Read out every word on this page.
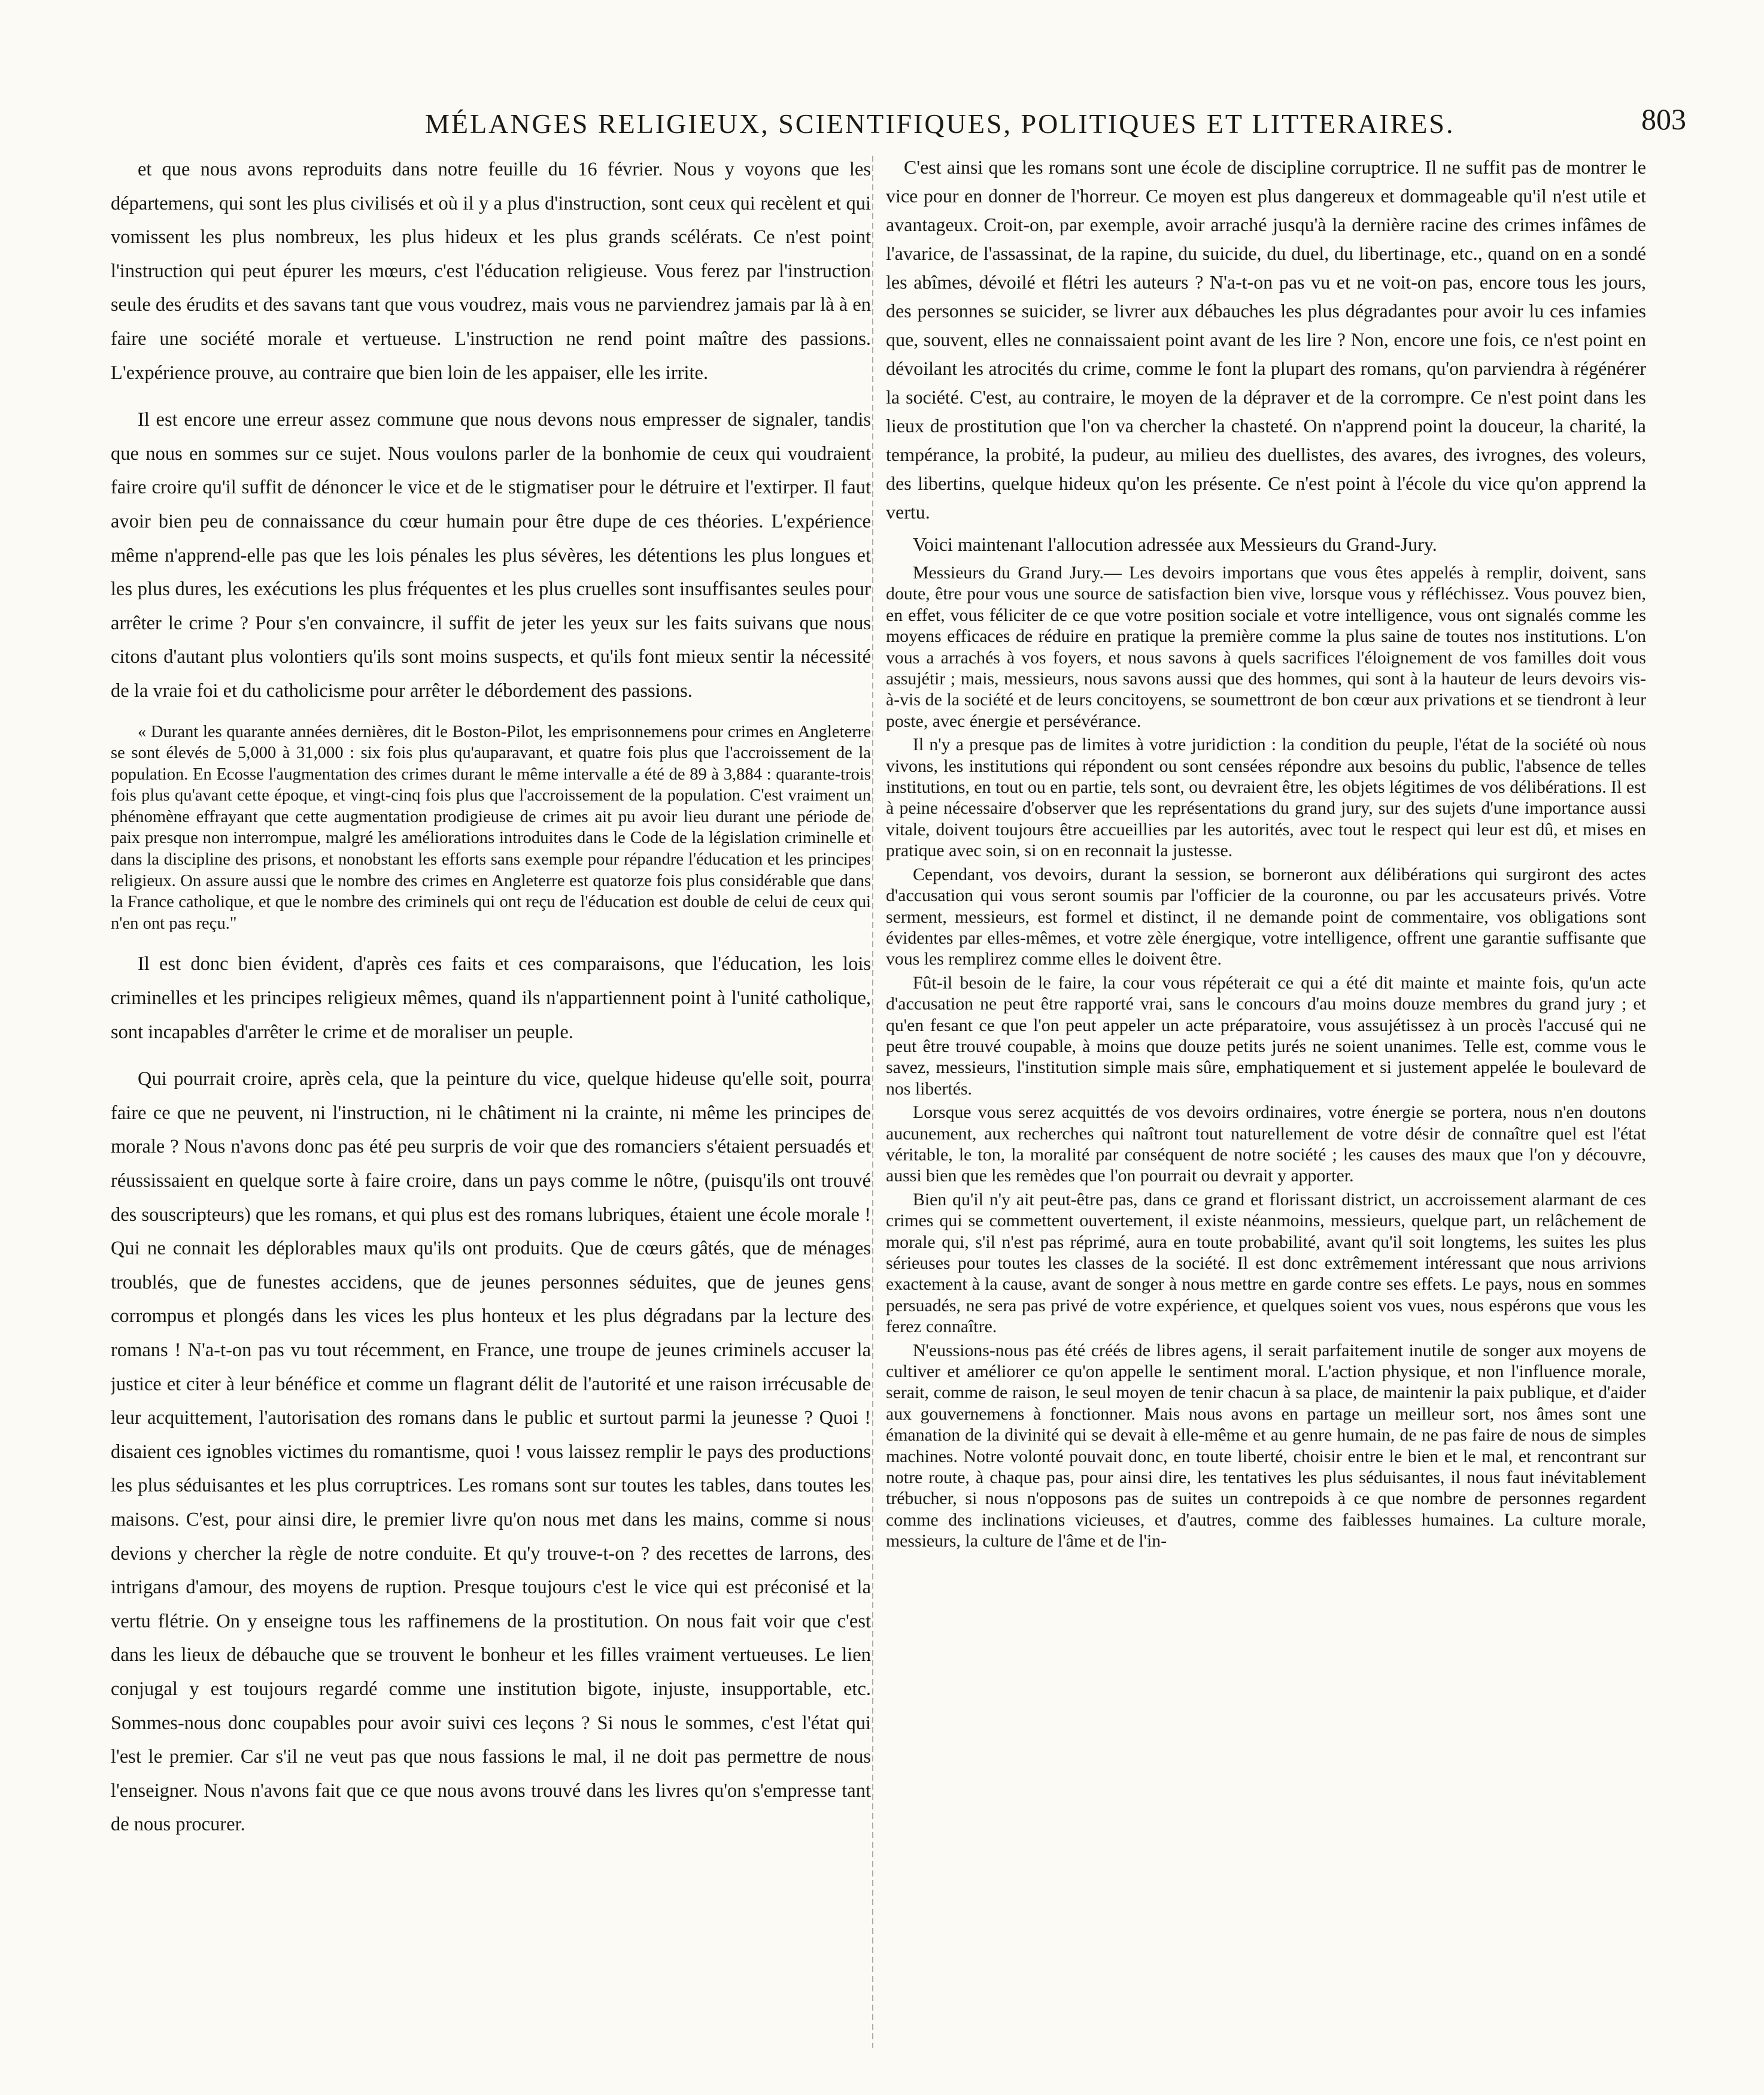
MÉLANGES RELIGIEUX, SCIENTIFIQUES, POLITIQUES ET LITTERAIRES.	803

et que nous avons reproduits dans notre feuille du 16 février. Nous y voyons que les départemens, qui sont les plus civilisés et où il y a plus d'instruction, sont ceux qui recèlent et qui vomissent les plus nombreux, les plus hideux et les plus grands scélérats. Ce n'est point l'instruction qui peut épurer les mœurs, c'est l'éducation religieuse. Vous ferez par l'instruction seule des érudits et des savans tant que vous voudrez, mais vous ne parviendrez jamais par là à en faire une société morale et vertueuse. L'instruction ne rend point maître des passions. L'expérience prouve, au contraire que bien loin de les appaiser, elle les irrite.

Il est encore une erreur assez commune que nous devons nous empresser de signaler, tandis que nous en sommes sur ce sujet. Nous voulons parler de la bonhomie de ceux qui voudraient faire croire qu'il suffit de dénoncer le vice et de le stigmatiser pour le détruire et l'extirper. Il faut avoir bien peu de connaissance du cœur humain pour être dupe de ces théories. L'expérience même n'apprend-elle pas que les lois pénales les plus sévères, les détentions les plus longues et les plus dures, les exécutions les plus fréquentes et les plus cruelles sont insuffisantes seules pour arrêter le crime ? Pour s'en convaincre, il suffit de jeter les yeux sur les faits suivans que nous citons d'autant plus volontiers qu'ils sont moins suspects, et qu'ils font mieux sentir la nécessité de la vraie foi et du catholicisme pour arrêter le débordement des passions.

« Durant les quarante années dernières, dit le Boston-Pilot, les emprisonnemens pour crimes en Angleterre se sont élevés de 5,000 à 31,000 : six fois plus qu'auparavant, et quatre fois plus que l'accroissement de la population. En Ecosse l'augmentation des crimes durant le même intervalle a été de 89 à 3,884 : quarante-trois fois plus qu'avant cette époque, et vingt-cinq fois plus que l'accroissement de la population. C'est vraiment un phénomène effrayant que cette augmentation prodigieuse de crimes ait pu avoir lieu durant une période de paix presque non interrompue, malgré les améliorations introduites dans le Code de la législation criminelle et dans la discipline des prisons, et nonobstant les efforts sans exemple pour répandre l'éducation et les principes religieux. On assure aussi que le nombre des crimes en Angleterre est quatorze fois plus considérable que dans la France catholique, et que le nombre des criminels qui ont reçu de l'éducation est double de celui de ceux qui n'en ont pas reçu."

Il est donc bien évident, d'après ces faits et ces comparaisons, que l'éducation, les lois criminelles et les principes religieux mêmes, quand ils n'appartiennent point à l'unité catholique, sont incapables d'arrêter le crime et de moraliser un peuple.

Qui pourrait croire, après cela, que la peinture du vice, quelque hideuse qu'elle soit, pourra faire ce que ne peuvent, ni l'instruction, ni le châtiment ni la crainte, ni même les principes de morale ? Nous n'avons donc pas été peu surpris de voir que des romanciers s'étaient persuadés et réussissaient en quelque sorte à faire croire, dans un pays comme le nôtre, (puisqu'ils ont trouvé des souscripteurs) que les romans, et qui plus est des romans lubriques, étaient une école morale ! Qui ne connait les déplorables maux qu'ils ont produits. Que de cœurs gâtés, que de ménages troublés, que de funestes accidens, que de jeunes personnes séduites, que de jeunes gens corrompus et plongés dans les vices les plus honteux et les plus dégradans par la lecture des romans ! N'a-t-on pas vu tout récemment, en France, une troupe de jeunes criminels accuser la justice et citer à leur bénéfice et comme un flagrant délit de l'autorité et une raison irrécusable de leur acquittement, l'autorisation des romans dans le public et surtout parmi la jeunesse ? Quoi ! disaient ces ignobles victimes du romantisme, quoi ! vous laissez remplir le pays des productions les plus séduisantes et les plus corruptrices. Les romans sont sur toutes les tables, dans toutes les maisons. C'est, pour ainsi dire, le premier livre qu'on nous met dans les mains, comme si nous devions y chercher la règle de notre conduite. Et qu'y trouve-t-on ? des recettes de larrons, des intrigans d'amour, des moyens de ruption. Presque toujours c'est le vice qui est préconisé et la vertu flétrie. On y enseigne tous les raffinemens de la prostitution. On nous fait voir que c'est dans les lieux de débauche que se trouvent le bonheur et les filles vraiment vertueuses. Le lien conjugal y est toujours regardé comme une institution bigote, injuste, insupportable, etc. Sommes-nous donc coupables pour avoir suivi ces leçons ? Si nous le sommes, c'est l'état qui l'est le premier. Car s'il ne veut pas que nous fassions le mal, il ne doit pas permettre de nous l'enseigner. Nous n'avons fait que ce que nous avons trouvé dans les livres qu'on s'empresse tant de nous procurer.

C'est ainsi que les romans sont une école de discipline corruptrice. Il ne suffit pas de montrer le vice pour en donner de l'horreur. Ce moyen est plus dangereux et dommageable qu'il n'est utile et avantageux. Croit-on, par exemple, avoir arraché jusqu'à la dernière racine des crimes infâmes de l'avarice, de l'assassinat, de la rapine, du suicide, du duel, du libertinage, etc., quand on en a sondé les abîmes, dévoilé et flétri les auteurs ? N'a-t-on pas vu et ne voit-on pas, encore tous les jours, des personnes se suicider, se livrer aux débauches les plus dégradantes pour avoir lu ces infamies que, souvent, elles ne connaissaient point avant de les lire ? Non, encore une fois, ce n'est point en dévoilant les atrocités du crime, comme le font la plupart des romans, qu'on parviendra à régénérer la société. C'est, au contraire, le moyen de la dépraver et de la corrompre. Ce n'est point dans les lieux de prostitution que l'on va chercher la chasteté. On n'apprend point la douceur, la charité, la tempérance, la probité, la pudeur, au milieu des duellistes, des avares, des ivrognes, des voleurs, des libertins, quelque hideux qu'on les présente. Ce n'est point à l'école du vice qu'on apprend la vertu.

Voici maintenant l'allocution adressée aux Messieurs du Grand-Jury.

Messieurs du Grand Jury.— Les devoirs importans que vous êtes appelés à remplir, doivent, sans doute, être pour vous une source de satisfaction bien vive, lorsque vous y réfléchissez. Vous pouvez bien, en effet, vous féliciter de ce que votre position sociale et votre intelligence, vous ont signalés comme les moyens efficaces de réduire en pratique la première comme la plus saine de toutes nos institutions. L'on vous a arrachés à vos foyers, et nous savons à quels sacrifices l'éloignement de vos familles doit vous assujétir ; mais, messieurs, nous savons aussi que des hommes, qui sont à la hauteur de leurs devoirs vis-à-vis de la société et de leurs concitoyens, se soumettront de bon cœur aux privations et se tiendront à leur poste, avec énergie et persévérance.

Il n'y a presque pas de limites à votre juridiction : la condition du peuple, l'état de la société où nous vivons, les institutions qui répondent ou sont censées répondre aux besoins du public, l'absence de telles institutions, en tout ou en partie, tels sont, ou devraient être, les objets légitimes de vos délibérations. Il est à peine nécessaire d'observer que les représentations du grand jury, sur des sujets d'une importance aussi vitale, doivent toujours être accueillies par les autorités, avec tout le respect qui leur est dû, et mises en pratique avec soin, si on en reconnait la justesse.

Cependant, vos devoirs, durant la session, se borneront aux délibérations qui surgiront des actes d'accusation qui vous seront soumis par l'officier de la couronne, ou par les accusateurs privés. Votre serment, messieurs, est formel et distinct, il ne demande point de commentaire, vos obligations sont évidentes par elles-mêmes, et votre zèle énergique, votre intelligence, offrent une garantie suffisante que vous les remplirez comme elles le doivent être.

Fût-il besoin de le faire, la cour vous répéterait ce qui a été dit mainte et mainte fois, qu'un acte d'accusation ne peut être rapporté vrai, sans le concours d'au moins douze membres du grand jury ; et qu'en fesant ce que l'on peut appeler un acte préparatoire, vous assujétissez à un procès l'accusé qui ne peut être trouvé coupable, à moins que douze petits jurés ne soient unanimes. Telle est, comme vous le savez, messieurs, l'institution simple mais sûre, emphatiquement et si justement appelée le boulevard de nos libertés.

Lorsque vous serez acquittés de vos devoirs ordinaires, votre énergie se portera, nous n'en doutons aucunement, aux recherches qui naîtront tout naturellement de votre désir de connaître quel est l'état véritable, le ton, la moralité par conséquent de notre société ; les causes des maux que l'on y découvre, aussi bien que les remèdes que l'on pourrait ou devrait y apporter.

Bien qu'il n'y ait peut-être pas, dans ce grand et florissant district, un accroissement alarmant de ces crimes qui se commettent ouvertement, il existe néanmoins, messieurs, quelque part, un relâchement de morale qui, s'il n'est pas réprimé, aura en toute probabilité, avant qu'il soit longtems, les suites les plus sérieuses pour toutes les classes de la société. Il est donc extrêmement intéressant que nous arrivions exactement à la cause, avant de songer à nous mettre en garde contre ses effets. Le pays, nous en sommes persuadés, ne sera pas privé de votre expérience, et quelques soient vos vues, nous espérons que vous les ferez connaître.

N'eussions-nous pas été créés de libres agens, il serait parfaitement inutile de songer aux moyens de cultiver et améliorer ce qu'on appelle le sentiment moral. L'action physique, et non l'influence morale, serait, comme de raison, le seul moyen de tenir chacun à sa place, de maintenir la paix publique, et d'aider aux gouvernemens à fonctionner. Mais nous avons en partage un meilleur sort, nos âmes sont une émanation de la divinité qui se devait à elle-même et au genre humain, de ne pas faire de nous de simples machines. Notre volonté pouvait donc, en toute liberté, choisir entre le bien et le mal, et rencontrant sur notre route, à chaque pas, pour ainsi dire, les tentatives les plus séduisantes, il nous faut inévitablement trébucher, si nous n'opposons pas de suites un contrepoids à ce que nombre de personnes regardent comme des inclinations vicieuses, et d'autres, comme des faiblesses humaines. La culture morale, messieurs, la culture de l'âme et de l'in-
